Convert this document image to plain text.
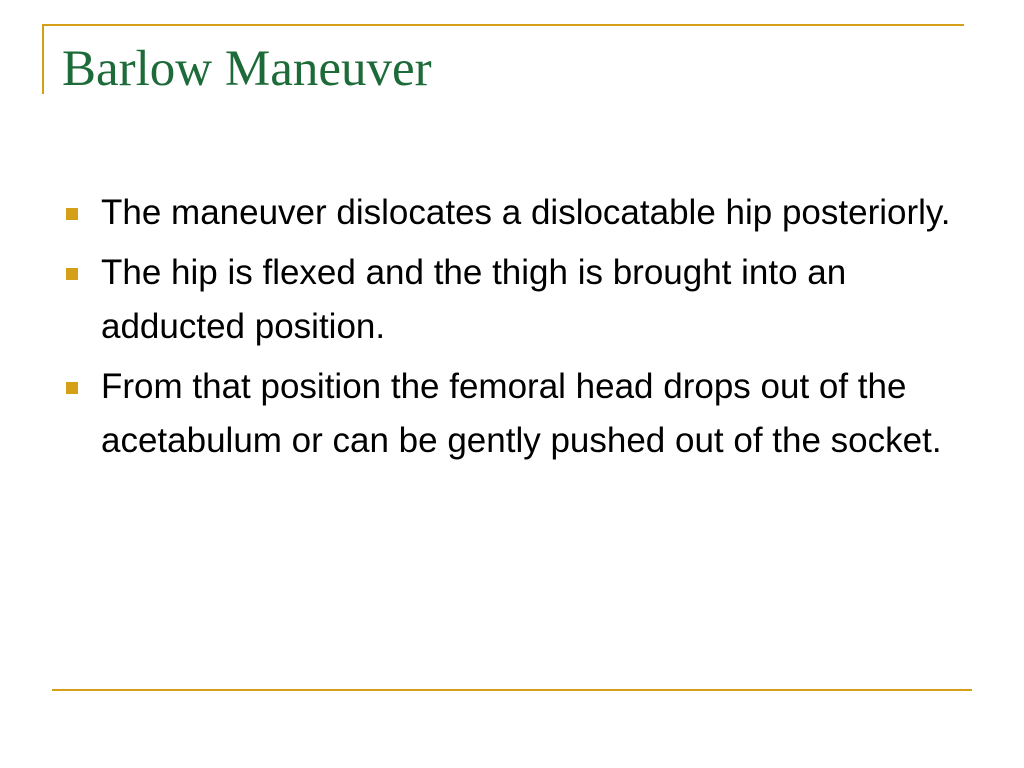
Barlow Maneuver
The maneuver dislocates a dislocatable hip posteriorly.
The hip is flexed and the thigh is brought into an adducted position.
From that position the femoral head drops out of the acetabulum or can be gently pushed out of the socket.
